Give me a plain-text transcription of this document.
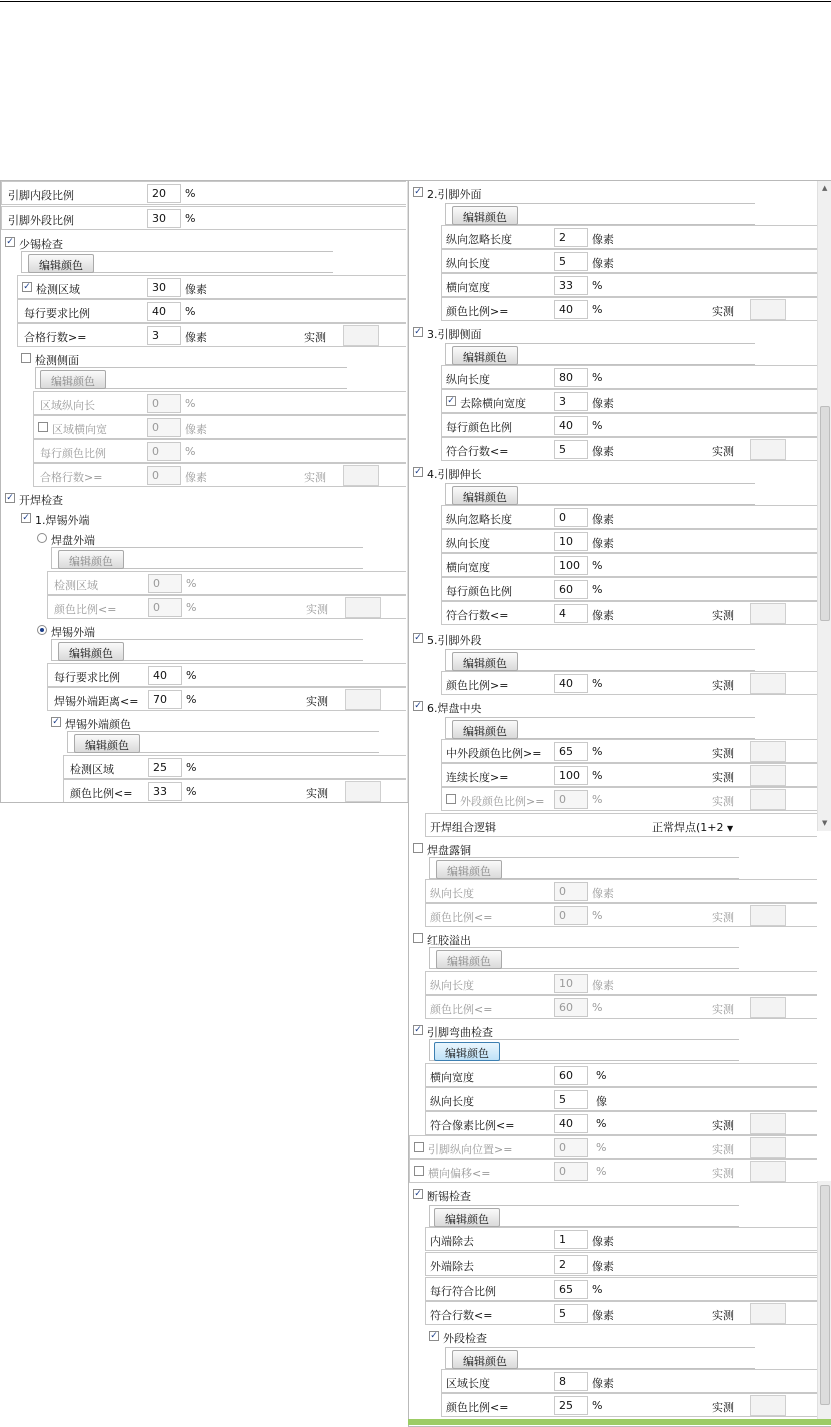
引脚内段比例	20	%
引脚外段比例	30	%
✓ 少锡检查
编辑颜色
✓ 检测区域	30	像素
每行要求比例	40	%
合格行数>=	3	像素	实测
检测侧面
编辑颜色
区域纵向长	0	%
区域横向宽	0	像素
每行颜色比例	0	%
合格行数>=	0	像素	实测
✓ 开焊检查
✓ 1.焊锡外端
焊盘外端
编辑颜色
检测区域	0	%
颜色比例<=	0	%	实测
焊锡外端
编辑颜色
每行要求比例	40	%
焊锡外端距离<=	70	%	实测
✓ 焊锡外端颜色
编辑颜色
检测区域	25	%
颜色比例<=	33	%	实测
✓ 2.引脚外面
编辑颜色
纵向忽略长度	2	像素
纵向长度	5	像素
横向宽度	33	%
颜色比例>=	40	%	实测
✓ 3.引脚侧面
编辑颜色
纵向长度	80	%
✓ 去除横向宽度	3	像素
每行颜色比例	40	%
符合行数<=	5	像素	实测
✓ 4.引脚伸长
编辑颜色
纵向忽略长度	0	像素
纵向长度	10	像素
横向宽度	100	%
每行颜色比例	60	%
符合行数<=	4	像素	实测
✓ 5.引脚外段
编辑颜色
颜色比例>=	40	%	实测
✓ 6.焊盘中央
编辑颜色
中外段颜色比例>=	65	%	实测
连续长度>=	100	%	实测
外段颜色比例>=	0	%	实测
开焊组合逻辑	正常焊点(1+2 ▼
焊盘露铜
编辑颜色
纵向长度	0	像素
颜色比例<=	0	%	实测
红胶溢出
编辑颜色
纵向长度	10	像素
颜色比例<=	60	%	实测
✓ 引脚弯曲检查
编辑颜色
横向宽度	60	%
纵向长度	5	像
符合像素比例<=	40	%	实测
引脚纵向位置>=	0	%	实测
横向偏移<=	0	%	实测
✓ 断锡检查
编辑颜色
内端除去	1	像素
外端除去	2	像素
每行符合比例	65	%
符合行数<=	5	像素	实测
✓ 外段检查
编辑颜色
区域长度	8	像素
颜色比例<=	25	%	实测
▲
▼
